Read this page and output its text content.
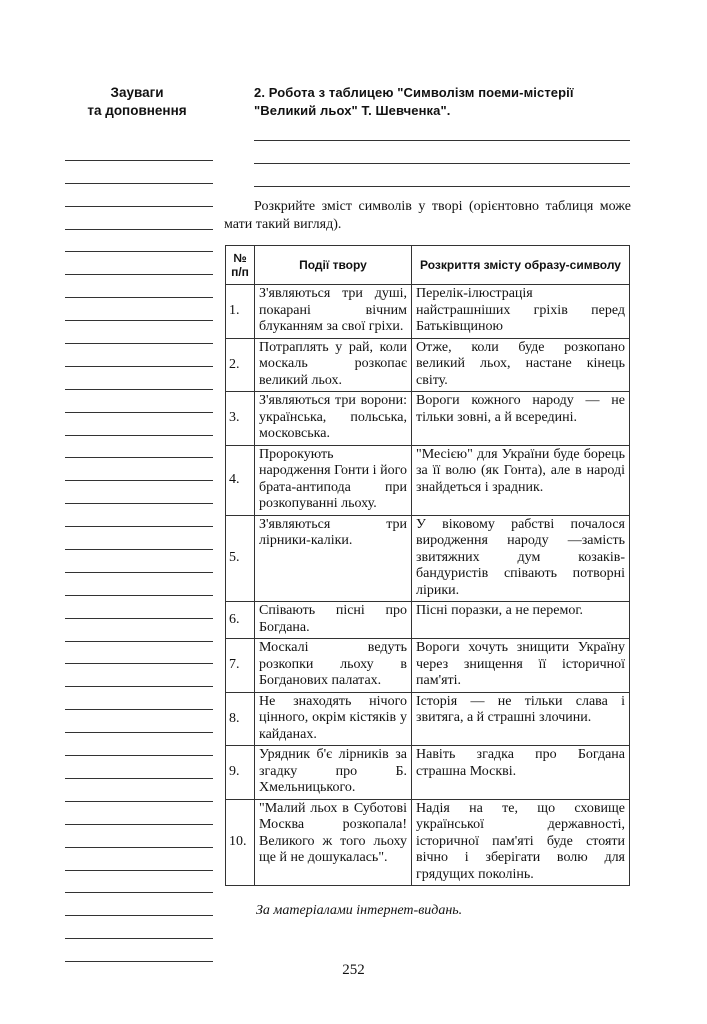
Зауваги
та доповнення
2. Робота з таблицею "Символізм поеми-містерії "Великий льох" Т. Шевченка".
Розкрийте зміст символів у творі (орієнтовно таблиця може мати такий вигляд).
№ п/п	Події твору	Розкриття змісту образу-символу
1.	З'являються три душі, покарані вічним блуканням за свої гріхи.	Перелік-ілюстрація найстрашніших гріхів перед Батьківщиною
2.	Потраплять у рай, коли москаль розкопає великий льох.	Отже, коли буде розкопано великий льох, настане кінець світу.
3.	З'являються три ворони: українська, польська, московська.	Вороги кожного народу — не тільки зовні, а й всередині.
4.	Пророкують народження Гонти і його брата-антипода при розкопуванні льоху.	"Месією" для України буде борець за її волю (як Гонта), але в народі знайдеться і зрадник.
5.	З'являються три лірники-каліки.	У віковому рабстві почалося виродження народу —замість звитяжних дум козаків-бандуристів співають потворні лірики.
6.	Співають пісні про Богдана.	Пісні поразки, а не перемог.
7.	Москалі ведуть розкопки льоху в Богданових палатах.	Вороги хочуть знищити Україну через знищення її історичної пам'яті.
8.	Не знаходять нічого цінного, окрім кістяків у кайданах.	Історія — не тільки слава і звитяга, а й страшні злочини.
9.	Урядник б'є лірників за згадку про Б. Хмельницького.	Навіть згадка про Богдана страшна Москві.
10.	"Малий льох в Суботові Москва розкопала! Великого ж того льоху ще й не дошукалась".	Надія на те, що сховище української державності, історичної пам'яті буде стояти вічно і зберігати волю для грядущих поколінь.
За матеріалами інтернет-видань.
252
